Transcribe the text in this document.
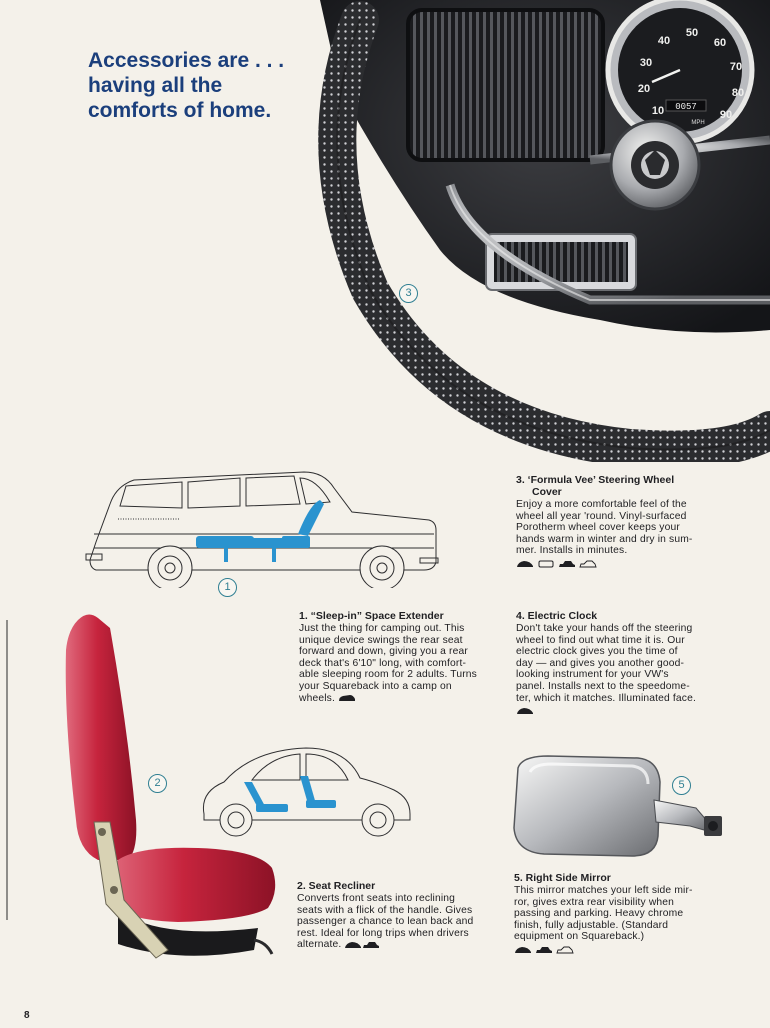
Accessories are . . .
having all the
comforts of home.
40
50
60
30	70
20	80
10	90
0057
MPH
3
1
2	5

1. “Sleep-in” Space Extender

Just the thing for camping out. This
unique device swings the rear seat
forward and down, giving you a rear
deck that's 6'10" long, with comfort-
able sleeping room for 2 adults. Turns
your Squareback into a camp on
wheels.

2. Seat Recliner

Converts front seats into reclining
seats with a flick of the handle. Gives
passenger a chance to lean back and
rest. Ideal for long trips when drivers
alternate.

3. ‘Formula Vee’ Steering Wheel
Cover

Enjoy a more comfortable feel of the
wheel all year 'round. Vinyl-surfaced
Porotherm wheel cover keeps your
hands warm in winter and dry in sum-
mer. Installs in minutes.

4. Electric Clock

Don't take your hands off the steering
wheel to find out what time it is. Our
electric clock gives you the time of
day — and gives you another good-
looking instrument for your VW's
panel. Installs next to the speedome-
ter, which it matches. Illuminated face.

5. Right Side Mirror

This mirror matches your left side mir-
ror, gives extra rear visibility when
passing and parking. Heavy chrome
finish, fully adjustable. (Standard
equipment on Squareback.)

8
